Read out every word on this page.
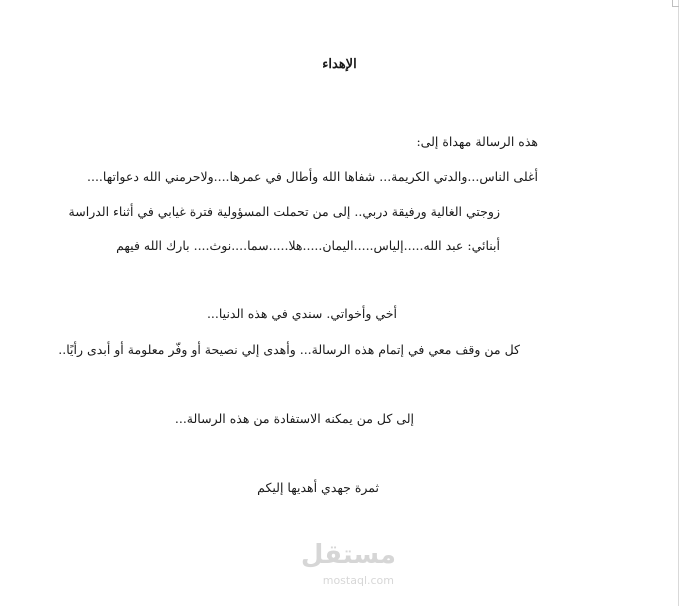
الإهداء
هذه الرسالة مهداة إلى:
أغلى الناس...والدتي الكريمة... شفاها الله وأطال في عمرها....ولاحرمني الله دعواتها....
زوجتي الغالية ورفيقة دربي.. إلى من تحملت المسؤولية فترة غيابي في أثناء الدراسة
أبنائي: عبد الله.....إلياس.....اليمان.....هلا.....سما....نوث.... بارك الله فيهم
أخي وأخواتي. سندي في هذه الدنيا...
كل من وقف معي في إتمام هذه الرسالة... وأهدى إلي نصيحة أو وفّر معلومة أو أبدى رأيًا..
إلى كل من يمكنه الاستفادة من هذه الرسالة...
ثمرة جهدي أهديها إليكم
مستقل
mostaql.com
